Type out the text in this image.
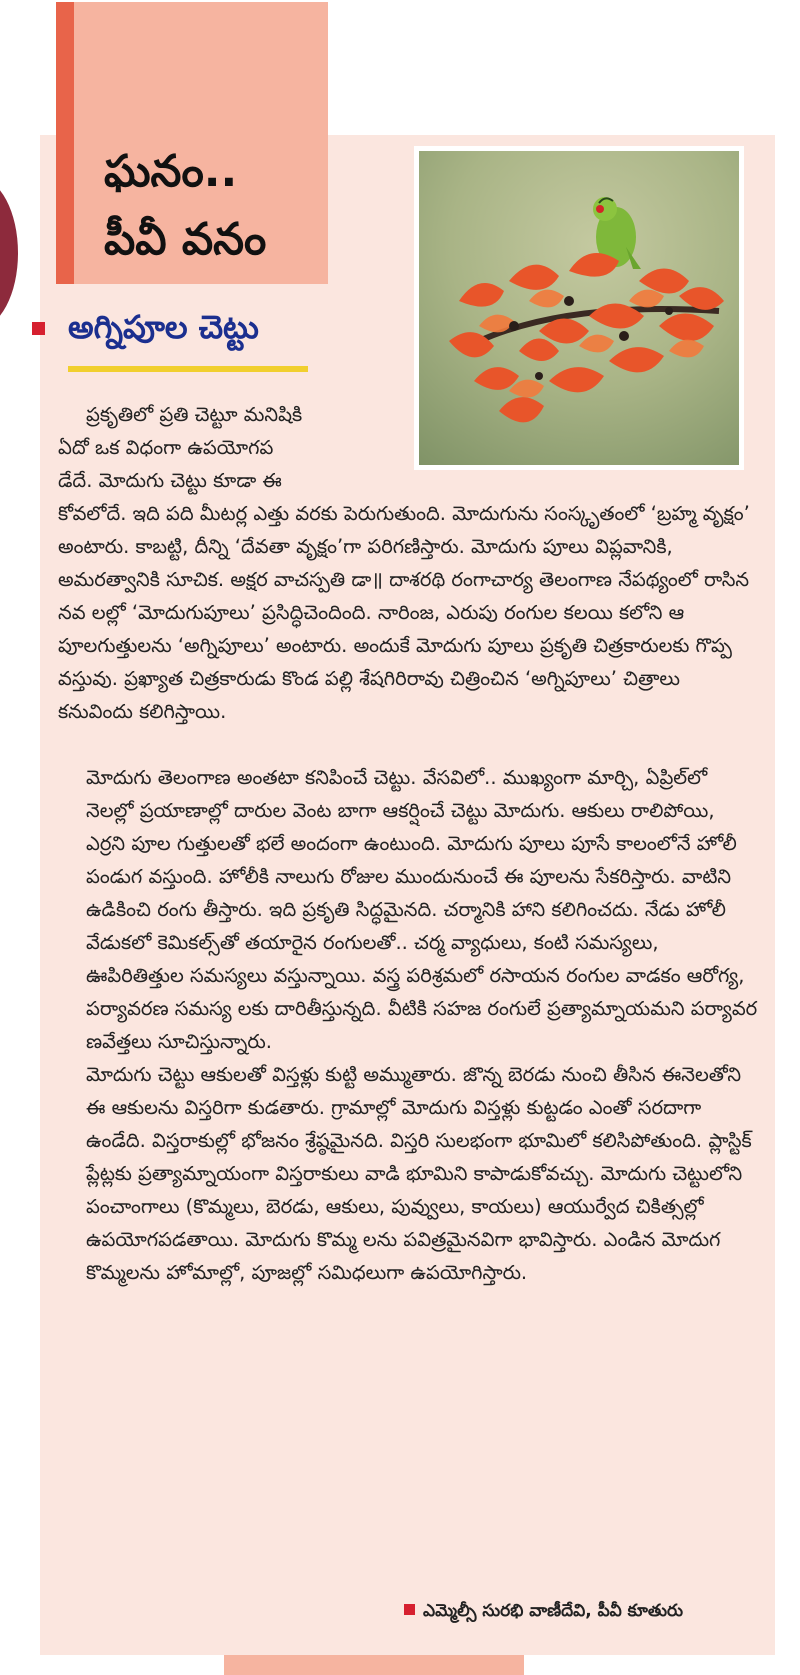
ఘనం..
పీవీ వనం
అగ్నిపూల చెట్టు

ప్రకృతిలో ప్రతి చెట్టూ మనిషికి

ఏదో ఒక విధంగా ఉపయోగప

డేదే. మోదుగు చెట్టు కూడా ఈ

కోవలోదే. ఇది పది మీటర్ల ఎత్తు వరకు పెరుగుతుంది. మోదుగును సంస్కృతంలో ‘బ్రహ్మ వృక్షం’ అంటారు. కాబట్టి, దీన్ని ‘దేవతా వృక్షం’గా పరిగణిస్తారు. మోదుగు పూలు విప్లవానికి, అమరత్వానికి సూచిక. అక్షర వాచస్పతి డా॥ దాశరథి రంగాచార్య తెలంగాణ నేపథ్యంలో రాసిన నవ లల్లో ‘మోదుగుపూలు’ ప్రసిద్ధిచెందింది. నారింజ, ఎరుపు రంగుల కలయి కలోని ఆ పూలగుత్తులను ‘అగ్నిపూలు’ అంటారు. అందుకే మోదుగు పూలు ప్రకృతి చిత్రకారులకు గొప్ప వస్తువు. ప్రఖ్యాత చిత్రకారుడు కొండ పల్లి శేషగిరిరావు చిత్రించిన ‘అగ్నిపూలు’ చిత్రాలు కనువిందు కలిగిస్తాయి.

మోదుగు తెలంగాణ అంతటా కనిపించే చెట్టు. వేసవిలో.. ముఖ్యంగా మార్చి, ఏప్రిల్‌లో నెలల్లో ప్రయాణాల్లో దారుల వెంట బాగా ఆకర్షించే చెట్టు మోదుగు. ఆకులు రాలిపోయి, ఎర్రని పూల గుత్తులతో భలే అందంగా ఉంటుంది. మోదుగు పూలు పూసే కాలంలోనే హోలీ పండుగ వస్తుంది. హోలీకి నాలుగు రోజుల ముందునుంచే ఈ పూలను సేకరిస్తారు. వాటిని ఉడికించి రంగు తీస్తారు. ఇది ప్రకృతి సిద్ధమైనది. చర్మానికి హాని కలిగించదు. నేడు హోలీ వేడుకలో కెమికల్స్‌తో తయారైన రంగులతో.. చర్మ వ్యాధులు, కంటి సమస్యలు, ఊపిరితిత్తుల సమస్యలు వస్తున్నాయి. వస్త్ర పరిశ్రమలో రసాయన రంగుల వాడకం ఆరోగ్య, పర్యావరణ సమస్య లకు దారితీస్తున్నది. వీటికి సహజ రంగులే ప్రత్యామ్నాయమని పర్యావర ణవేత్తలు సూచిస్తున్నారు.

మోదుగు చెట్టు ఆకులతో విస్తళ్లు కుట్టి అమ్ముతారు. జొన్న బెరడు నుంచి తీసిన ఈనెలతోని ఈ ఆకులను విస్తరిగా కుడతారు. గ్రామాల్లో మోదుగు విస్తళ్లు కుట్టడం ఎంతో సరదాగా ఉండేది. విస్తరాకుల్లో భోజనం శ్రేష్ఠమైనది. విస్తరి సులభంగా భూమిలో కలిసిపోతుంది. ప్లాస్టిక్ ప్లేట్లకు ప్రత్యామ్నాయంగా విస్తరాకులు వాడి భూమిని కాపాడుకోవచ్చు. మోదుగు చెట్టులోని పంచాంగాలు (కొమ్మలు, బెరడు, ఆకులు, పువ్వులు, కాయలు) ఆయుర్వేద చికిత్సల్లో ఉపయోగపడతాయి. మోదుగు కొమ్మ లను పవిత్రమైనవిగా భావిస్తారు. ఎండిన మోదుగ కొమ్మలను హోమాల్లో, పూజల్లో సమిధలుగా ఉపయోగిస్తారు.

ఎమ్మెల్సీ సురభి వాణీదేవి, పీవీ కూతురు
